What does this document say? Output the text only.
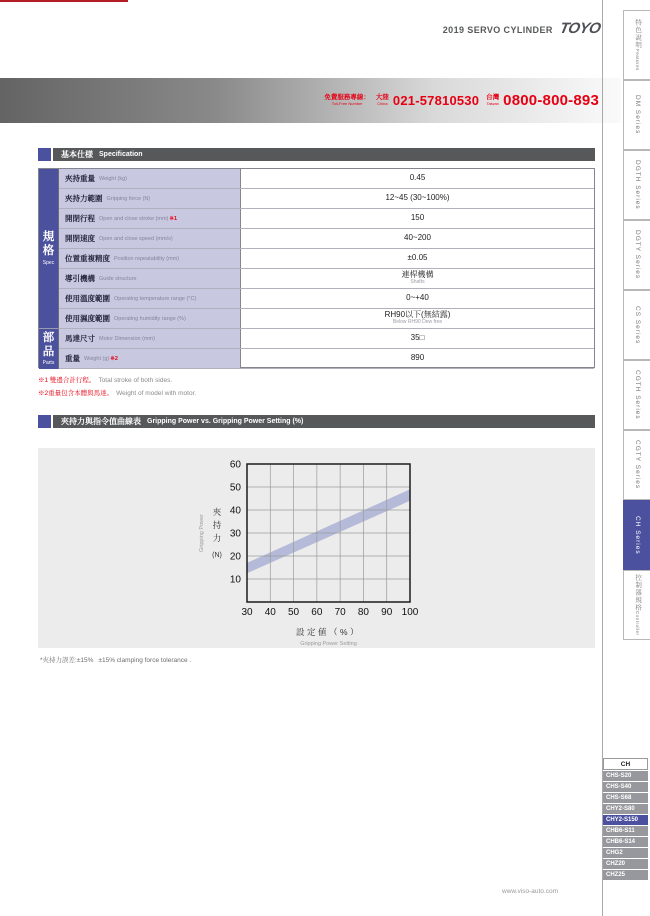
2019 SERVO CYLINDER TOYO
免費服務專線：
Toll-Free Number
大陸
China 021-57810530 台灣
Taiwan 0800-800-893
基本仕様 Specification
夾持重量 Weight (kg)	0.45
夾持力範圍 Gripping force (N)	12~45 (30~100%)
開閉行程 Open and close stroke (mm) ※1	150
開閉速度 Open and close speed (mm/s)	40~200
位置重複精度 Position repeatability (mm)	±0.05
導引機構 Guide structure	連桿機構
Shafts
使用溫度範圍 Operating temperature range (°C)	0~+40
使用濕度範圍 Operating humidity range (%)	RH90以下(無結露)
Below RH90 Dew free
馬達尺寸 Motor Dimension (mm)	35□
重量 Weight (g) ※2	890
規
格
Spec
部
品
Parts
※1 雙邊合計行程。 Total stroke of both sides.
※2重量包含本體與馬達。 Weight of model with motor.
夾持力與指令值曲線表 Gripping Power vs. Gripping Power Setting (%)
30 40 50 60 70 80 90 100
10
20
30
40
50
60
Gripping Power
夾
持
力
(N)
設定値（%）
Gripping Power Setting
*夾持力誤差:±15% ±15% clamping force tolerance .
特色說明
Features
DM Series
DGTH Series
DGTY Series
CS Series
CGTH Series
CGTY Series
CH Series
控制器規格
Controller
CH
CHS-S20
CHS-S40
CHS-S68
CHY2-S80
CHY2-S150
CHB6-S11
CHB6-S14
CHG2
CHZ20
CHZ25
www.viso-auto.com
